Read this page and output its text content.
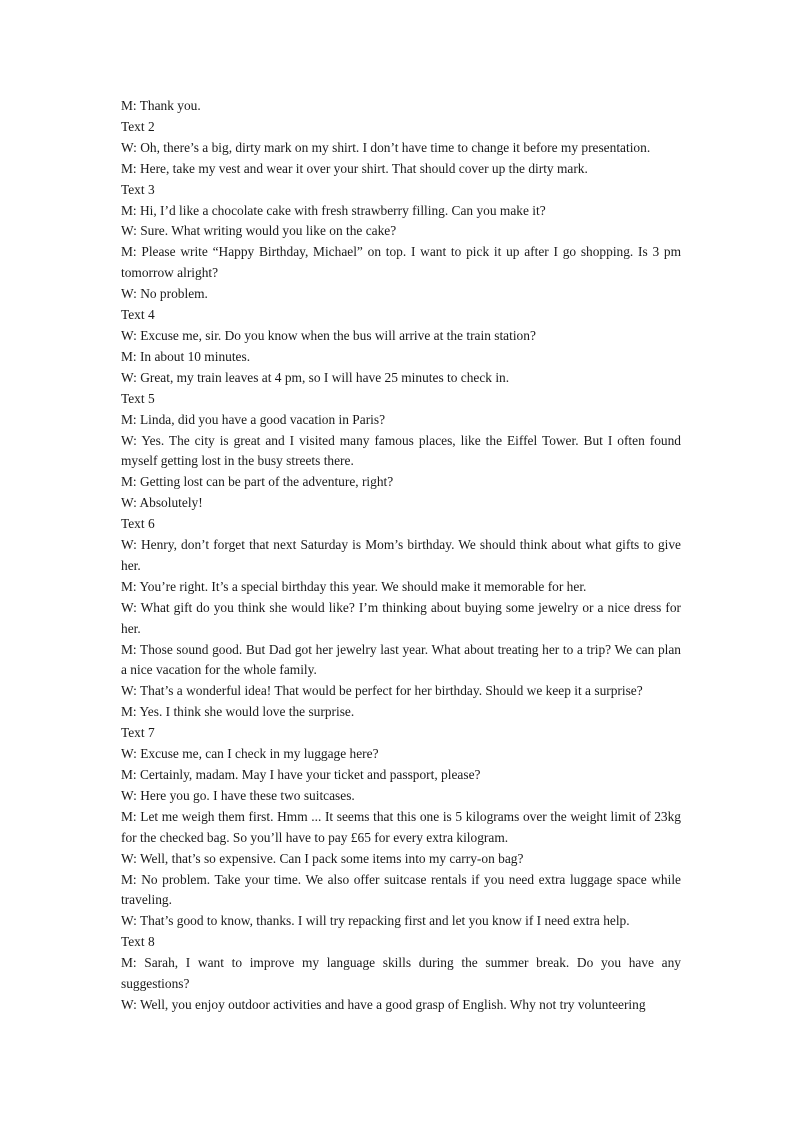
M: Thank you.

Text 2

W: Oh, there’s a big, dirty mark on my shirt. I don’t have time to change it before my presentation.

M: Here, take my vest and wear it over your shirt. That should cover up the dirty mark.

Text 3

M: Hi, I’d like a chocolate cake with fresh strawberry filling. Can you make it?

W: Sure. What writing would you like on the cake?

M: Please write “Happy Birthday, Michael” on top. I want to pick it up after I go shopping. Is 3 pm tomorrow alright?

W: No problem.

Text 4

W: Excuse me, sir. Do you know when the bus will arrive at the train station?

M: In about 10 minutes.

W: Great, my train leaves at 4 pm, so I will have 25 minutes to check in.

Text 5

M: Linda, did you have a good vacation in Paris?

W: Yes. The city is great and I visited many famous places, like the Eiffel Tower. But I often found myself getting lost in the busy streets there.

M: Getting lost can be part of the adventure, right?

W: Absolutely!

Text 6

W: Henry, don’t forget that next Saturday is Mom’s birthday. We should think about what gifts to give her.

M: You’re right. It’s a special birthday this year. We should make it memorable for her.

W: What gift do you think she would like? I’m thinking about buying some jewelry or a nice dress for her.

M: Those sound good. But Dad got her jewelry last year. What about treating her to a trip? We can plan a nice vacation for the whole family.

W: That’s a wonderful idea! That would be perfect for her birthday. Should we keep it a surprise?

M: Yes. I think she would love the surprise.

Text 7

W: Excuse me, can I check in my luggage here?

M: Certainly, madam. May I have your ticket and passport, please?

W: Here you go. I have these two suitcases.

M: Let me weigh them first. Hmm ... It seems that this one is 5 kilograms over the weight limit of 23kg for the checked bag. So you’ll have to pay £65 for every extra kilogram.

W: Well, that’s so expensive. Can I pack some items into my carry-on bag?

M: No problem. Take your time. We also offer suitcase rentals if you need extra luggage space while traveling.

W: That’s good to know, thanks. I will try repacking first and let you know if I need extra help.

Text 8

M: Sarah, I want to improve my language skills during the summer break. Do you have any suggestions?

W: Well, you enjoy outdoor activities and have a good grasp of English. Why not try volunteering
